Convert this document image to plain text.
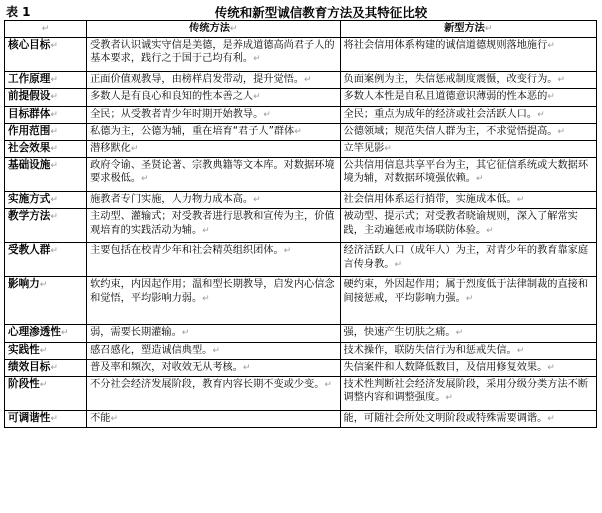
表 1	传统和新型诚信教育方法及其特征比较
↵	传统方法↵	新型方法↵
核心目标↵	受教者认识诚实守信是美德，是养成道德高尚君子人的基本要求，践行之于国于己均有利。↵	将社会信用体系构建的诚信道德规则落地施行↵
工作原理↵	正面价值观教导，由榜样启发带动，提升觉悟。↵	负面案例为主，失信惩戒制度震慑，改变行为。↵
前提假设↵	多数人是有良心和良知的性本善之人↵	多数人本性是自私且道德意识薄弱的性本恶的↵
目标群体↵	全民；从受教者青少年时期开始教导。↵	全民；重点为成年的经济或社会活跃人口。↵
作用范围↵	私德为主，公德为辅，重在培育“君子人”群体↵	公德领域；规范失信人群为主，不求觉悟提高。↵
社会效果↵	潜移默化↵	立竿见影↵
基础设施↵	政府令谕、圣贤论著、宗教典籍等文本库。对数据环境要求极低。↵	公共信用信息共享平台为主，其它征信系统或大数据环境为辅，对数据环境强依赖。↵
实施方式↵	施教者专门实施，人力物力成本高。↵	社会信用体系运行捎带，实施成本低。↵
教学方法↵	主动型、灌输式；对受教者进行思教和宣传为主，价值观培育的实践活动为辅。↵	被动型、提示式；对受教者晓谕规则，深入了解常实践，主动遍惩戒市场联防体验。↵
受教人群↵	主要包括在校青少年和社会精英组织团体。↵	经济活跃人口（成年人）为主，对青少年的教育靠家庭言传身教。↵
影响力↵	软约束，内因起作用；温和型长期教导，启发内心信念和觉悟，平均影响力弱。↵	硬约束，外因起作用；属于烈度低于法律制裁的直接和间接惩戒，平均影响力强。↵
心理渗透性↵	弱，需要长期灌输。↵	强，快速产生切肤之痛。↵
实践性↵	感召感化，塑造诚信典型。↵	技术操作，联防失信行为和惩戒失信。↵
绩效目标↵	普及率和频次，对收效无从考核。↵	失信案件和人数降低数目，及信用修复效果。↵
阶段性↵	不分社会经济发展阶段，教育内容长期不变或少变。↵	技术性判断社会经济发展阶段，采用分级分类方法不断调整内容和调整强度。↵
可调谐性↵	不能↵	能，可随社会所处文明阶段或特殊需要调谐。↵
